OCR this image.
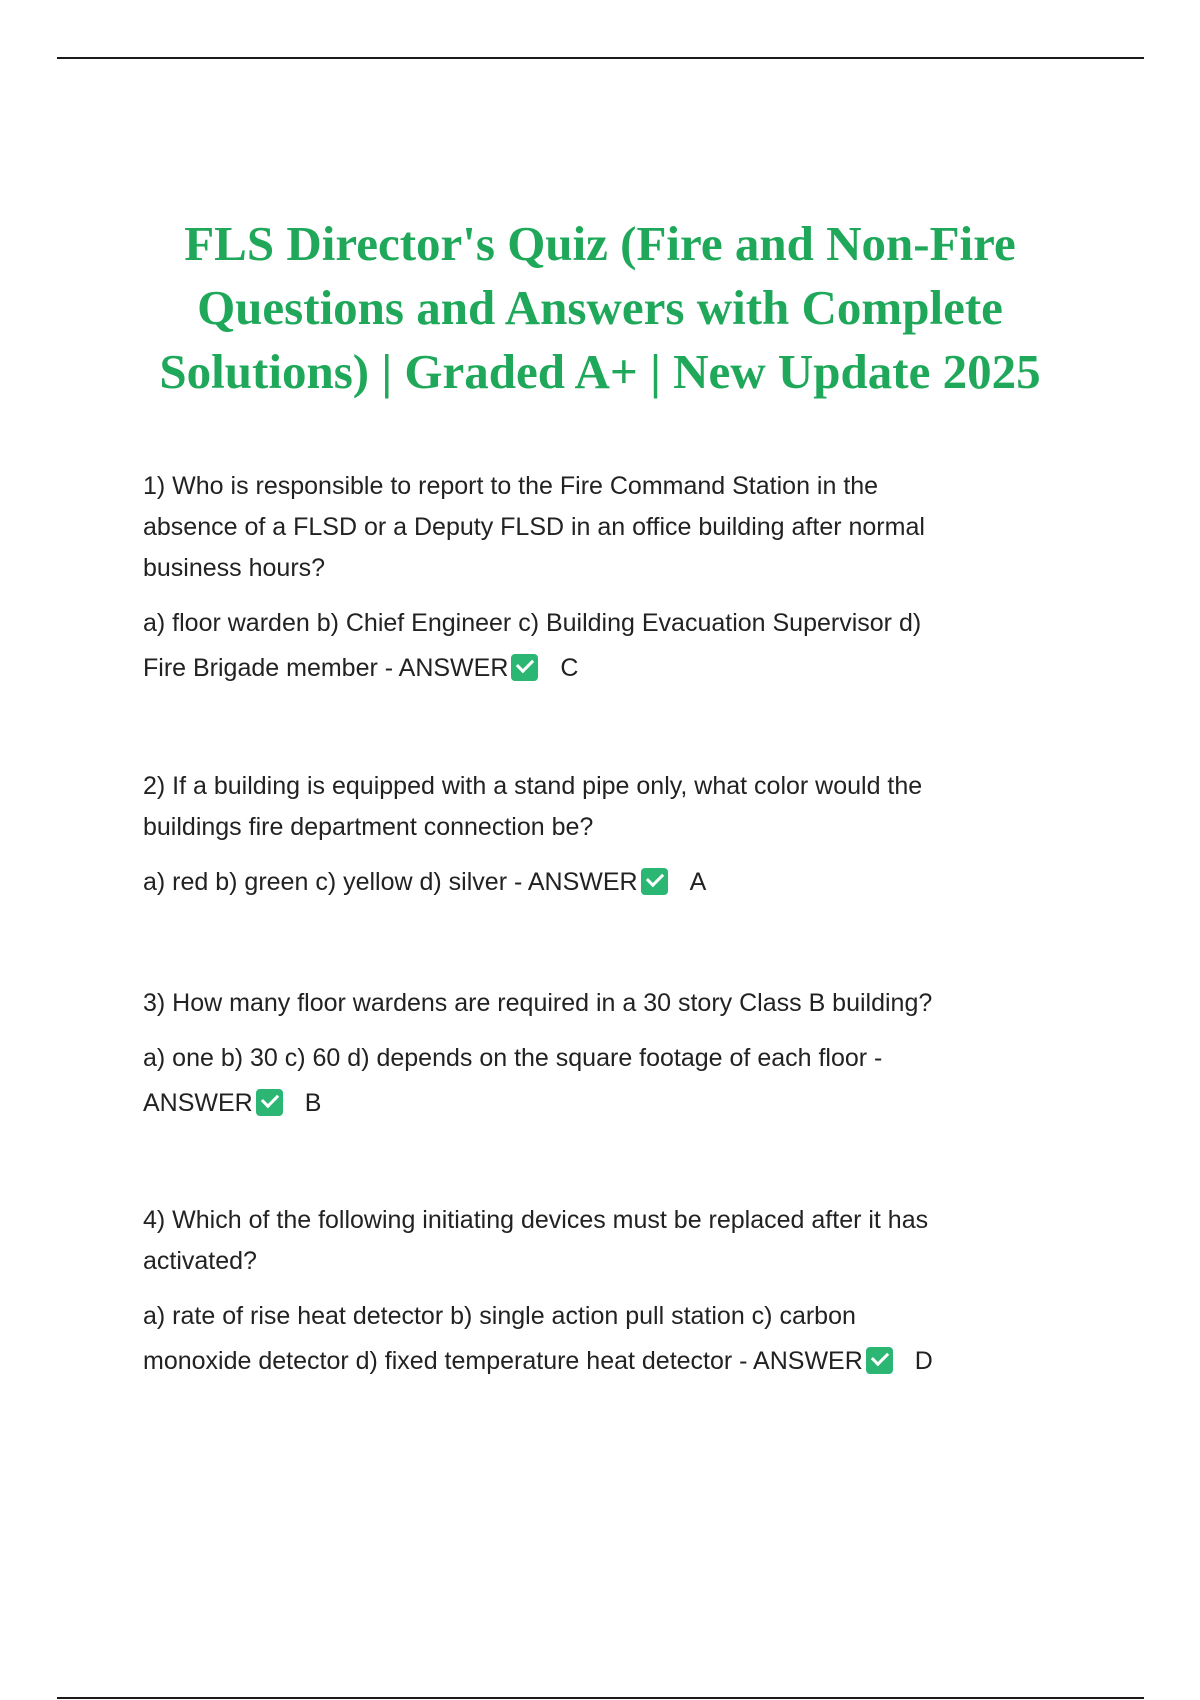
FLS Director's Quiz (Fire and Non-Fire
Questions and Answers with Complete
Solutions) | Graded A+ | New Update 2025

1) Who is responsible to report to the Fire Command Station in the
absence of a FLSD or a Deputy FLSD in an office building after normal
business hours?

a) floor warden b) Chief Engineer c) Building Evacuation Supervisor d)
Fire Brigade member - ANSWER C

2) If a building is equipped with a stand pipe only, what color would the
buildings fire department connection be?

a) red b) green c) yellow d) silver - ANSWER A

3) How many floor wardens are required in a 30 story Class B building?

a) one b) 30 c) 60 d) depends on the square footage of each floor -
ANSWER B

4) Which of the following initiating devices must be replaced after it has
activated?

a) rate of rise heat detector b) single action pull station c) carbon
monoxide detector d) fixed temperature heat detector - ANSWER D
